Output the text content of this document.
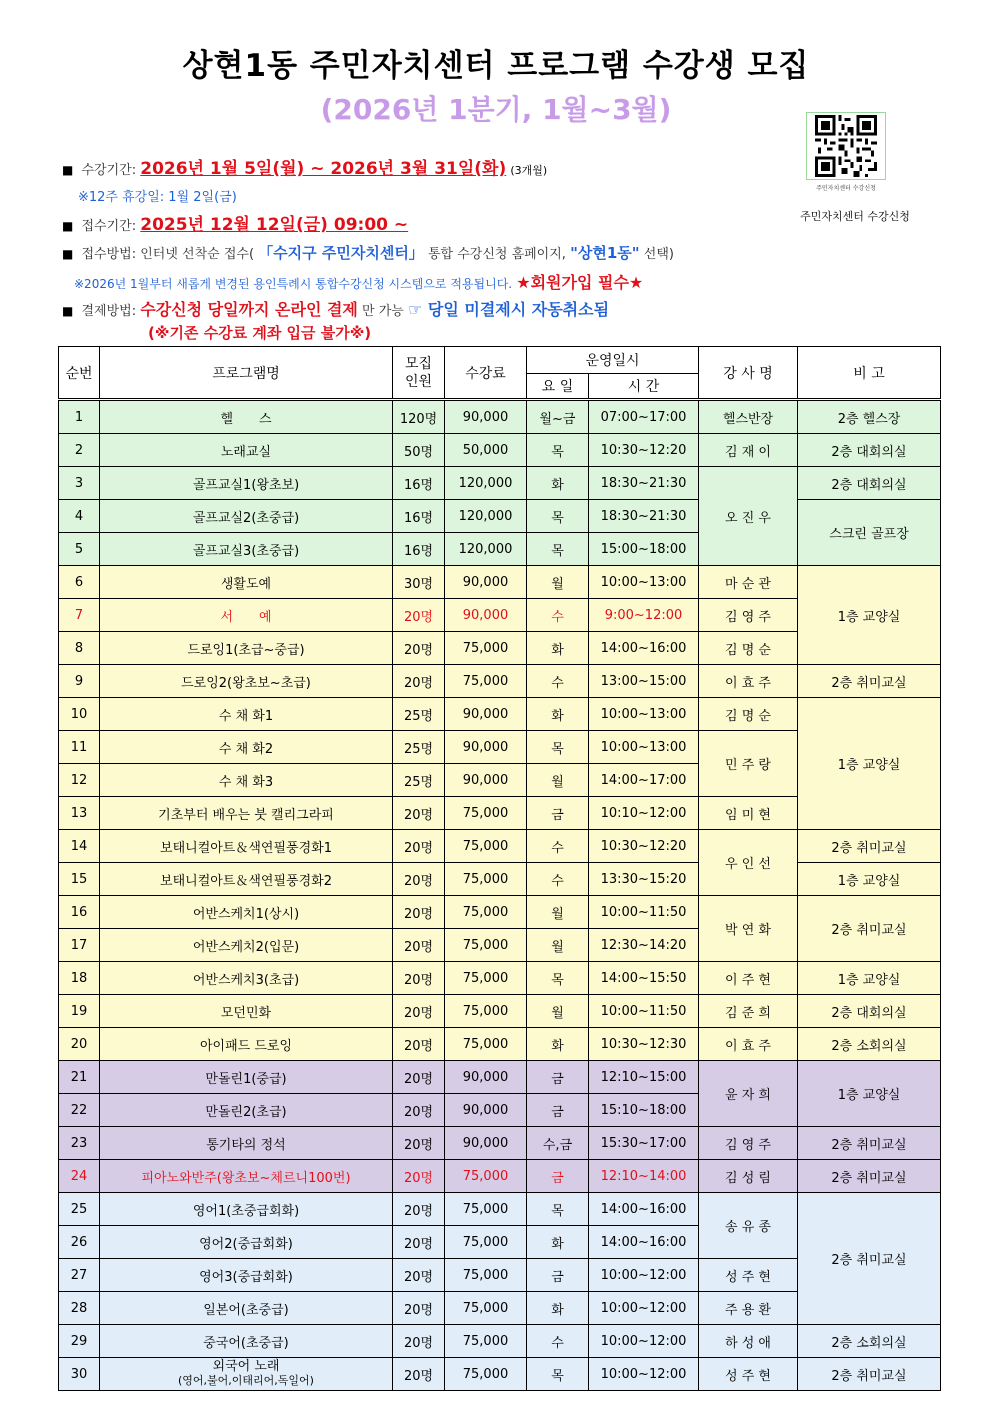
상현1동 주민자치센터 프로그램 수강생 모집
(2026년 1분기, 1월~3월)
주민자치센터 수강신청
주민자치센터 수강신청
■ 수강기간: 2026년 1월 5일(월) ~ 2026년 3월 31일(화) (3개월)
※12주 휴강일: 1월 2일(금)
■ 접수기간: 2025년 12월 12일(금) 09:00 ~
■ 접수방법: 인터넷 선착순 접수( 「수지구 주민자치센터」 통합 수강신청 홈페이지, "상현1동" 선택)
※2026년 1월부터 새롭게 변경된 용인특례시 통합수강신청 시스템으로 적용됩니다. ★회원가입 필수★
■ 결제방법: 수강신청 당일까지 온라인 결제 만 가능 ☞ 당일 미결제시 자동취소됨
(※기존 수강료 계좌 입금 불가※)
순번	프로그램명	모집
인원	수강료	운영일시		강 사 명	비 고
				요 일	시 간		
1	헬　　스	120명	90,000	월~금	07:00~17:00	헬스반장	2층 헬스장
2	노래교실	50명	50,000	목	10:30~12:20	김 재 이	2층 대회의실
3	골프교실1(왕초보)	16명	120,000	화	18:30~21:30	오 진 우	2층 대회의실
4	골프교실2(초중급)	16명	120,000	목	18:30~21:30		스크린 골프장
5	골프교실3(초중급)	16명	120,000	목	15:00~18:00		
6	생활도예	30명	90,000	월	10:00~13:00	마 순 관	1층 교양실
7	서　　예	20명	90,000	수	9:00~12:00	김 영 주	
8	드로잉1(초급~중급)	20명	75,000	화	14:00~16:00	김 명 순	
9	드로잉2(왕초보~초급)	20명	75,000	수	13:00~15:00	이 효 주	2층 취미교실
10	수 채 화1	25명	90,000	화	10:00~13:00	김 명 순	1층 교양실
11	수 채 화2	25명	90,000	목	10:00~13:00	민 주 랑	
12	수 채 화3	25명	90,000	월	14:00~17:00		
13	기초부터 배우는 붓 캘리그라피	20명	75,000	금	10:10~12:00	임 미 현	
14	보태니컬아트＆색연필풍경화1	20명	75,000	수	10:30~12:20	우 인 선	2층 취미교실
15	보태니컬아트＆색연필풍경화2	20명	75,000	수	13:30~15:20		1층 교양실
16	어반스케치1(상시)	20명	75,000	월	10:00~11:50	박 연 화	2층 취미교실
17	어반스케치2(입문)	20명	75,000	월	12:30~14:20		
18	어반스케치3(초급)	20명	75,000	목	14:00~15:50	이 주 현	1층 교양실
19	모던민화	20명	75,000	월	10:00~11:50	김 준 희	2층 대회의실
20	아이패드 드로잉	20명	75,000	화	10:30~12:30	이 효 주	2층 소회의실
21	만돌린1(중급)	20명	90,000	금	12:10~15:00	윤 자 희	1층 교양실
22	만돌린2(초급)	20명	90,000	금	15:10~18:00		
23	통기타의 정석	20명	90,000	수,금	15:30~17:00	김 영 주	2층 취미교실
24	피아노와반주(왕초보~체르니100번)	20명	75,000	금	12:10~14:00	김 성 림	2층 취미교실
25	영어1(초중급회화)	20명	75,000	목	14:00~16:00	송 유 종	2층 취미교실
26	영어2(중급회화)	20명	75,000	화	14:00~16:00		
27	영어3(중급회화)	20명	75,000	금	10:00~12:00	성 주 현	
28	일본어(초중급)	20명	75,000	화	10:00~12:00	주 용 환	
29	중국어(초중급)	20명	75,000	수	10:00~12:00	하 성 애	2층 소회의실
30	외국어 노래
(영어,불어,이태리어,독일어)	20명	75,000	목	10:00~12:00	성 주 현	2층 취미교실
